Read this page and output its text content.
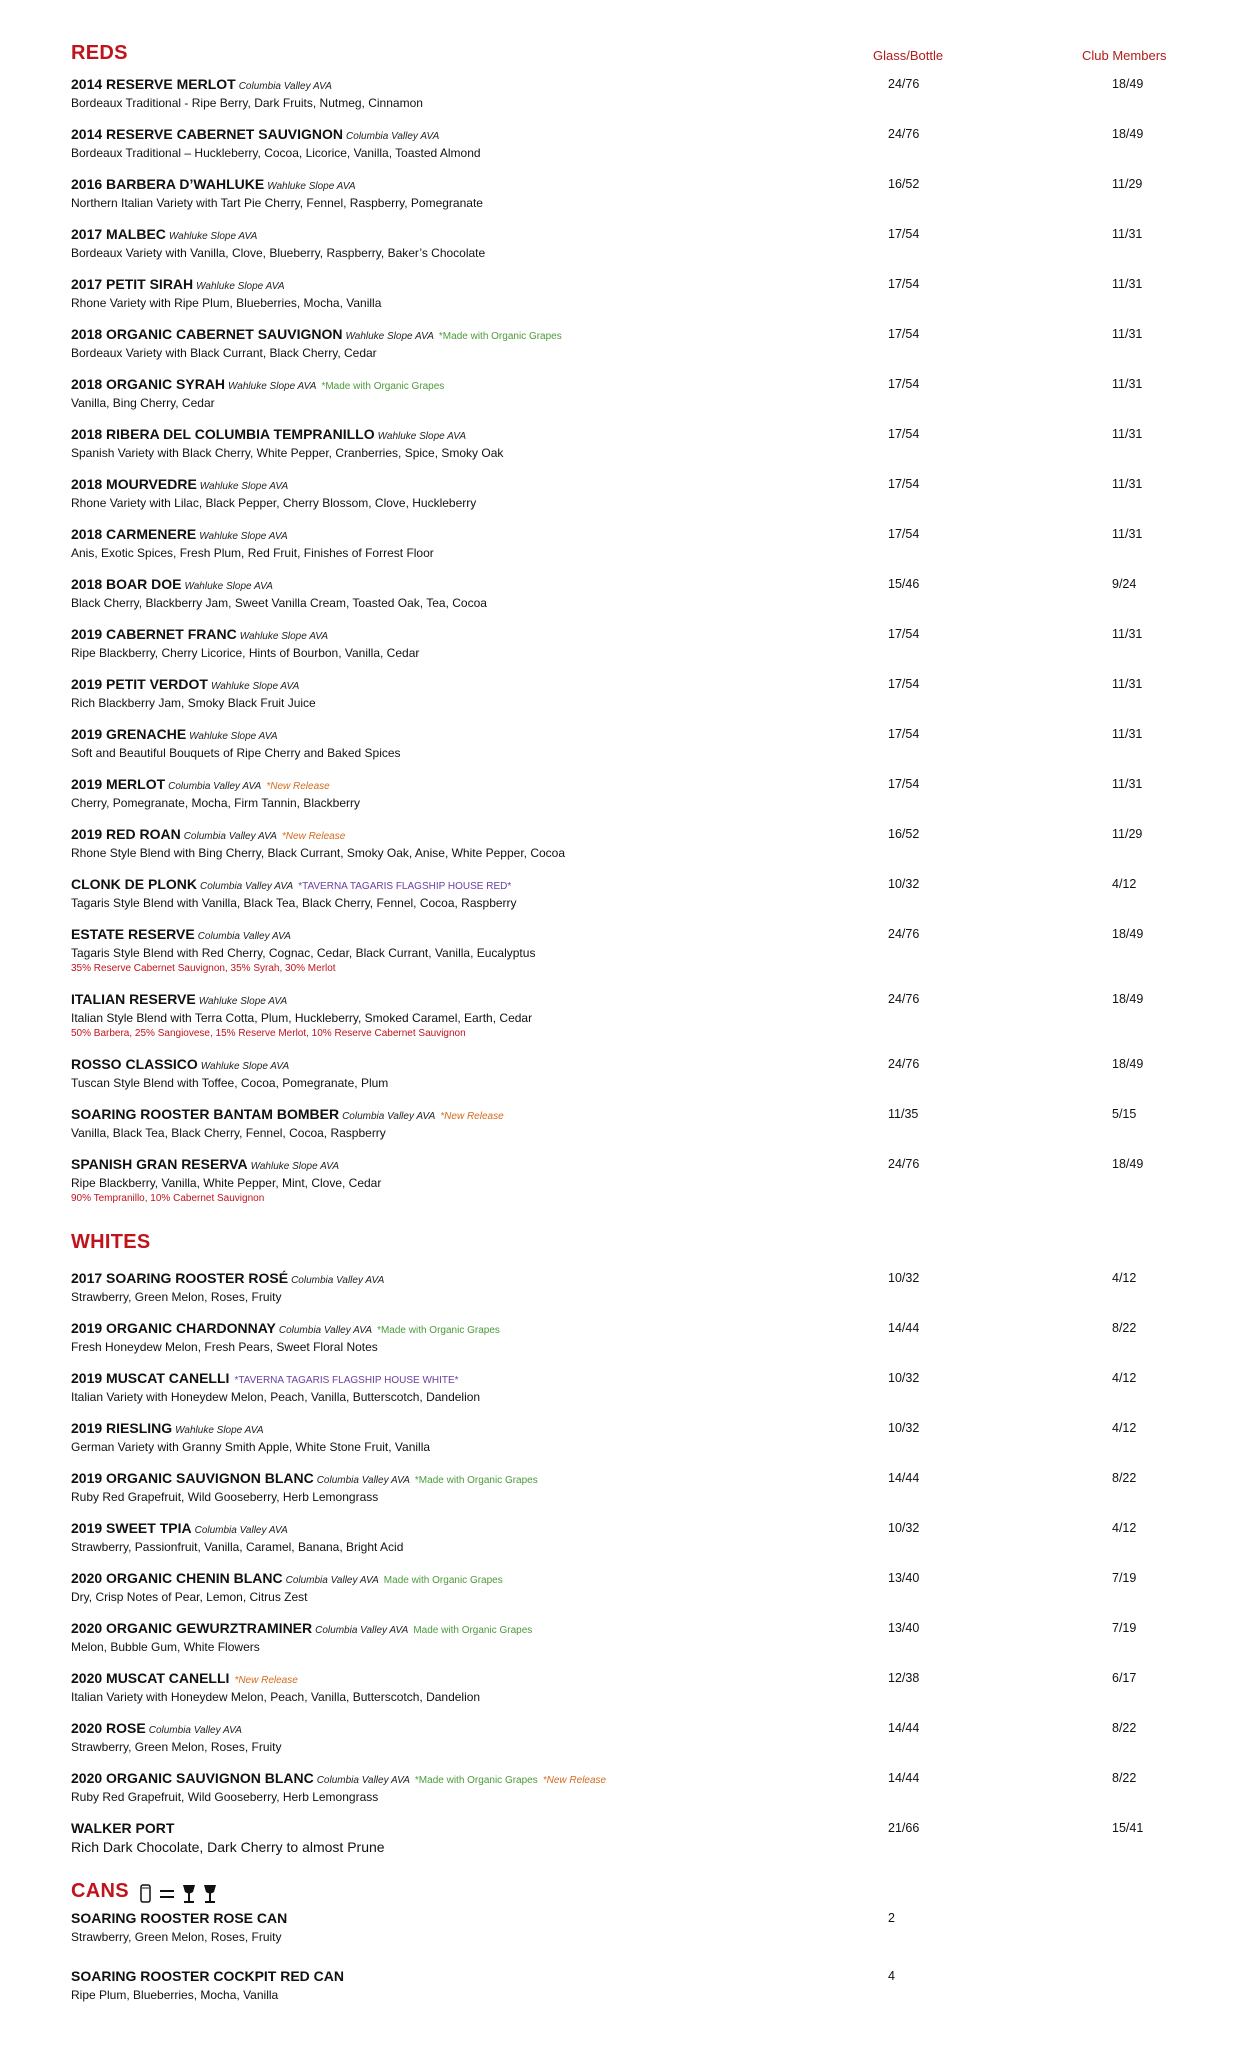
Glass/Bottle	Club Members
REDS
2014 RESERVE MERLOT Columbia Valley AVA
Bordeaux Traditional - Ripe Berry, Dark Fruits, Nutmeg, Cinnamon
24/76	18/49
2014 RESERVE CABERNET SAUVIGNON Columbia Valley AVA
Bordeaux Traditional – Huckleberry, Cocoa, Licorice, Vanilla, Toasted Almond
24/76	18/49
2016 BARBERA D’WAHLUKE Wahluke Slope AVA
Northern Italian Variety with Tart Pie Cherry, Fennel, Raspberry, Pomegranate
16/52	11/29
2017 MALBEC Wahluke Slope AVA
Bordeaux Variety with Vanilla, Clove, Blueberry, Raspberry, Baker’s Chocolate
17/54	11/31
2017 PETIT SIRAH Wahluke Slope AVA
Rhone Variety with Ripe Plum, Blueberries, Mocha, Vanilla
17/54	11/31
2018 ORGANIC CABERNET SAUVIGNON Wahluke Slope AVA *Made with Organic Grapes
Bordeaux Variety with Black Currant, Black Cherry, Cedar
17/54	11/31
2018 ORGANIC SYRAH Wahluke Slope AVA *Made with Organic Grapes
Vanilla, Bing Cherry, Cedar
17/54	11/31
2018 RIBERA DEL COLUMBIA TEMPRANILLO Wahluke Slope AVA
Spanish Variety with Black Cherry, White Pepper, Cranberries, Spice, Smoky Oak
17/54	11/31
2018 MOURVEDRE Wahluke Slope AVA
Rhone Variety with Lilac, Black Pepper, Cherry Blossom, Clove, Huckleberry
17/54	11/31
2018 CARMENERE Wahluke Slope AVA
Anis, Exotic Spices, Fresh Plum, Red Fruit, Finishes of Forrest Floor
17/54	11/31
2018 BOAR DOE Wahluke Slope AVA
Black Cherry, Blackberry Jam, Sweet Vanilla Cream, Toasted Oak, Tea, Cocoa
15/46	9/24
2019 CABERNET FRANC Wahluke Slope AVA
Ripe Blackberry, Cherry Licorice, Hints of Bourbon, Vanilla, Cedar
17/54	11/31
2019 PETIT VERDOT Wahluke Slope AVA
Rich Blackberry Jam, Smoky Black Fruit Juice
17/54	11/31
2019 GRENACHE Wahluke Slope AVA
Soft and Beautiful Bouquets of Ripe Cherry and Baked Spices
17/54	11/31
2019 MERLOT Columbia Valley AVA *New Release
Cherry, Pomegranate, Mocha, Firm Tannin, Blackberry
17/54	11/31
2019 RED ROAN Columbia Valley AVA *New Release
Rhone Style Blend with Bing Cherry, Black Currant, Smoky Oak, Anise, White Pepper, Cocoa
16/52	11/29
CLONK DE PLONK Columbia Valley AVA *TAVERNA TAGARIS FLAGSHIP HOUSE RED*
Tagaris Style Blend with Vanilla, Black Tea, Black Cherry, Fennel, Cocoa, Raspberry
10/32	4/12
ESTATE RESERVE Columbia Valley AVA
Tagaris Style Blend with Red Cherry, Cognac, Cedar, Black Currant, Vanilla, Eucalyptus
35% Reserve Cabernet Sauvignon, 35% Syrah, 30% Merlot
24/76	18/49
ITALIAN RESERVE Wahluke Slope AVA
Italian Style Blend with Terra Cotta, Plum, Huckleberry, Smoked Caramel, Earth, Cedar
50% Barbera, 25% Sangiovese, 15% Reserve Merlot, 10% Reserve Cabernet Sauvignon
24/76	18/49
ROSSO CLASSICO Wahluke Slope AVA
Tuscan Style Blend with Toffee, Cocoa, Pomegranate, Plum
24/76	18/49
SOARING ROOSTER BANTAM BOMBER Columbia Valley AVA *New Release
Vanilla, Black Tea, Black Cherry, Fennel, Cocoa, Raspberry
11/35	5/15
SPANISH GRAN RESERVA Wahluke Slope AVA
Ripe Blackberry, Vanilla, White Pepper, Mint, Clove, Cedar
90% Tempranillo, 10% Cabernet Sauvignon
24/76	18/49
WHITES
2017 SOARING ROOSTER ROSÉ Columbia Valley AVA
Strawberry, Green Melon, Roses, Fruity
10/32	4/12
2019 ORGANIC CHARDONNAY Columbia Valley AVA *Made with Organic Grapes
Fresh Honeydew Melon, Fresh Pears, Sweet Floral Notes
14/44	8/22
2019 MUSCAT CANELLI *TAVERNA TAGARIS FLAGSHIP HOUSE WHITE*
Italian Variety with Honeydew Melon, Peach, Vanilla, Butterscotch, Dandelion
10/32	4/12
2019 RIESLING Wahluke Slope AVA
German Variety with Granny Smith Apple, White Stone Fruit, Vanilla
10/32	4/12
2019 ORGANIC SAUVIGNON BLANC Columbia Valley AVA *Made with Organic Grapes
Ruby Red Grapefruit, Wild Gooseberry, Herb Lemongrass
14/44	8/22
2019 SWEET TPIA Columbia Valley AVA
Strawberry, Passionfruit, Vanilla, Caramel, Banana, Bright Acid
10/32	4/12
2020 ORGANIC CHENIN BLANC Columbia Valley AVA Made with Organic Grapes
Dry, Crisp Notes of Pear, Lemon, Citrus Zest
13/40	7/19
2020 ORGANIC GEWURZTRAMINER Columbia Valley AVA Made with Organic Grapes
Melon, Bubble Gum, White Flowers
13/40	7/19
2020 MUSCAT CANELLI *New Release
Italian Variety with Honeydew Melon, Peach, Vanilla, Butterscotch, Dandelion
12/38	6/17
2020 ROSE Columbia Valley AVA
Strawberry, Green Melon, Roses, Fruity
14/44	8/22
2020 ORGANIC SAUVIGNON BLANC Columbia Valley AVA *Made with Organic Grapes *New Release
Ruby Red Grapefruit, Wild Gooseberry, Herb Lemongrass
14/44	8/22
WALKER PORT
Rich Dark Chocolate, Dark Cherry to almost Prune
21/66	15/41
CANS
SOARING ROOSTER ROSE CAN
Strawberry, Green Melon, Roses, Fruity
2
SOARING ROOSTER COCKPIT RED CAN
Ripe Plum, Blueberries, Mocha, Vanilla
4
